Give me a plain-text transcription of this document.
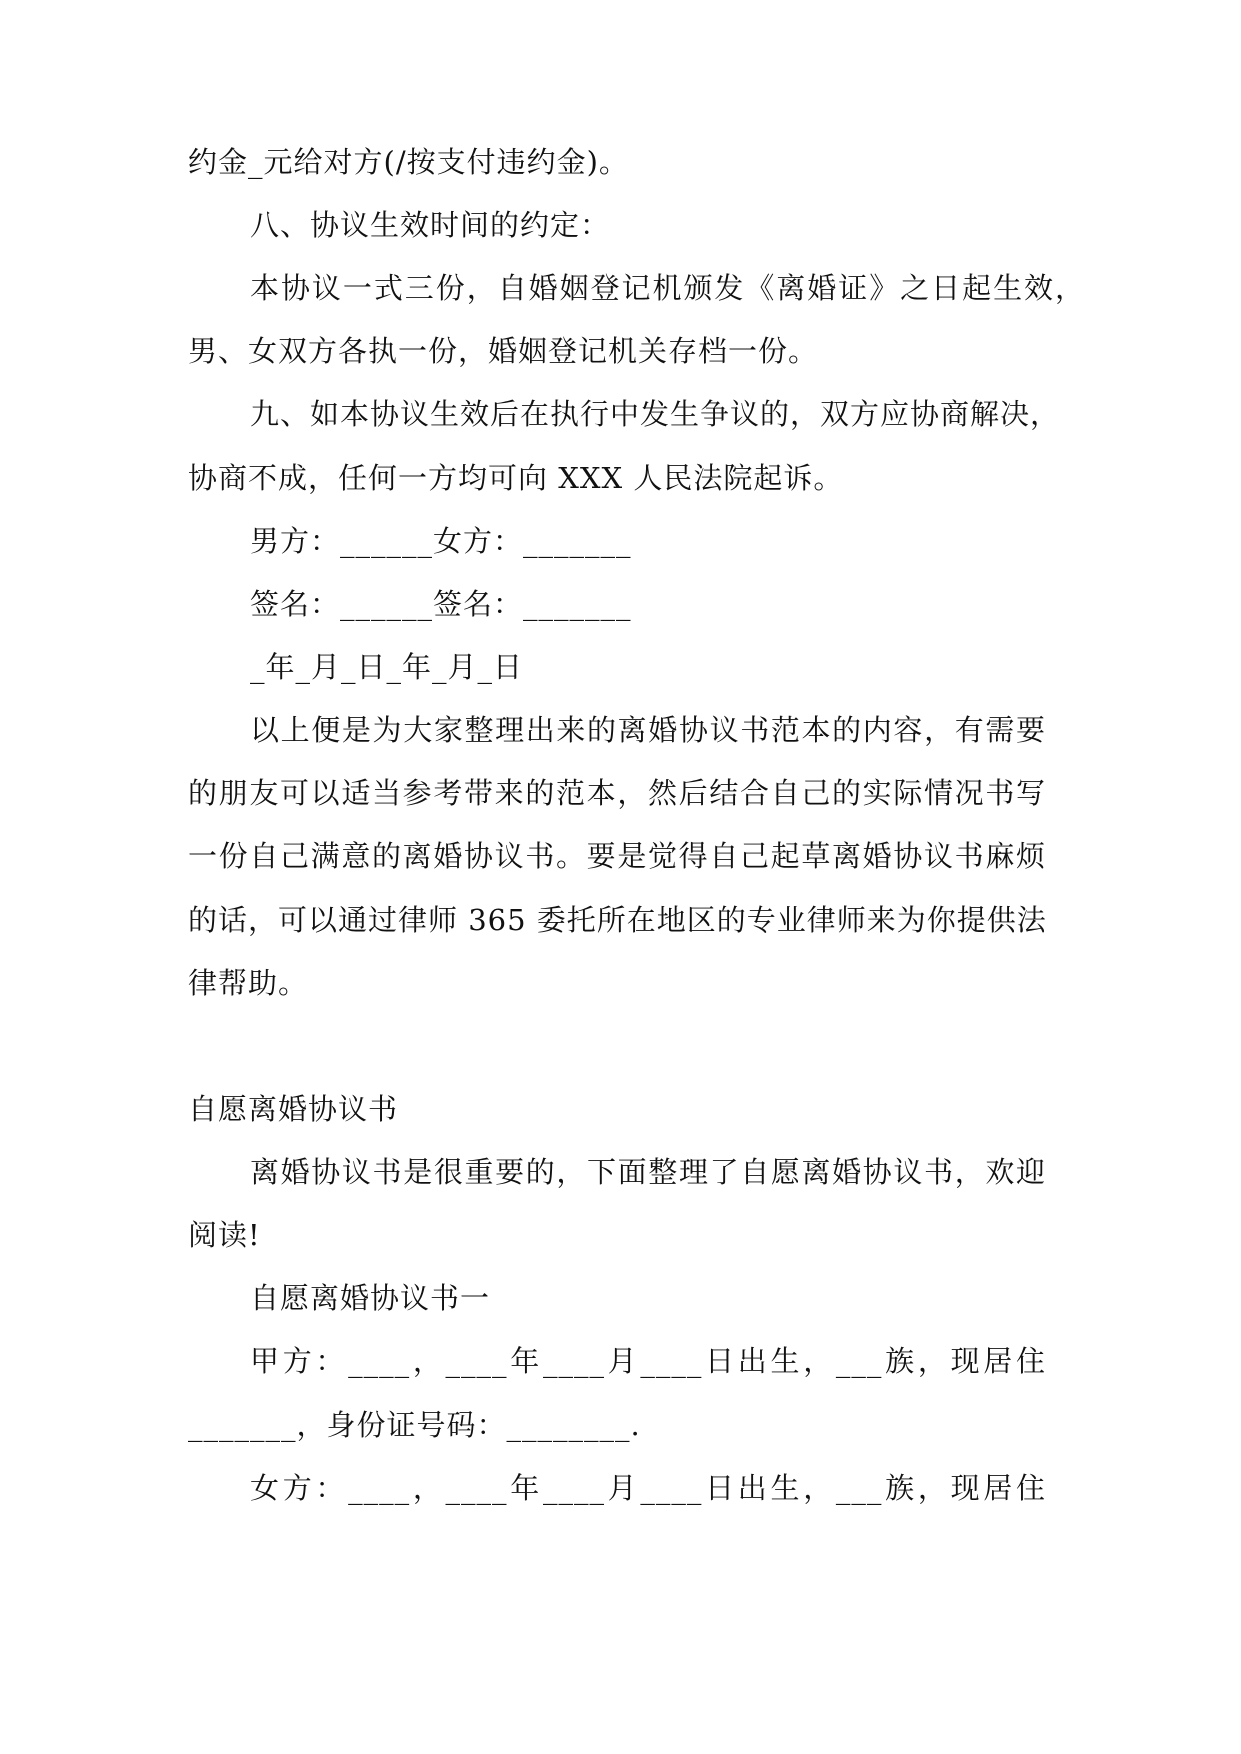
约金_元给对方(/按支付违约金)。
八、协议生效时间的约定：
本协议一式三份，自婚姻登记机颁发《离婚证》之日起生效，
男、女双方各执一份，婚姻登记机关存档一份。
九、如本协议生效后在执行中发生争议的，双方应协商解决，
协商不成，任何一方均可向 XXX 人民法院起诉。
男方：______女方：_______
签名：______签名：_______
_年_月_日_年_月_日
以上便是为大家整理出来的离婚协议书范本的内容，有需要
的朋友可以适当参考带来的范本，然后结合自己的实际情况书写
一份自己满意的离婚协议书。要是觉得自己起草离婚协议书麻烦
的话，可以通过律师 365 委托所在地区的专业律师来为你提供法
律帮助。
自愿离婚协议书
离婚协议书是很重要的，下面整理了自愿离婚协议书，欢迎
阅读!
自愿离婚协议书一
甲方：____，____年____月____日出生，___族，现居住
_______，身份证号码：________.
女方：____，____年____月____日出生，___族，现居住
